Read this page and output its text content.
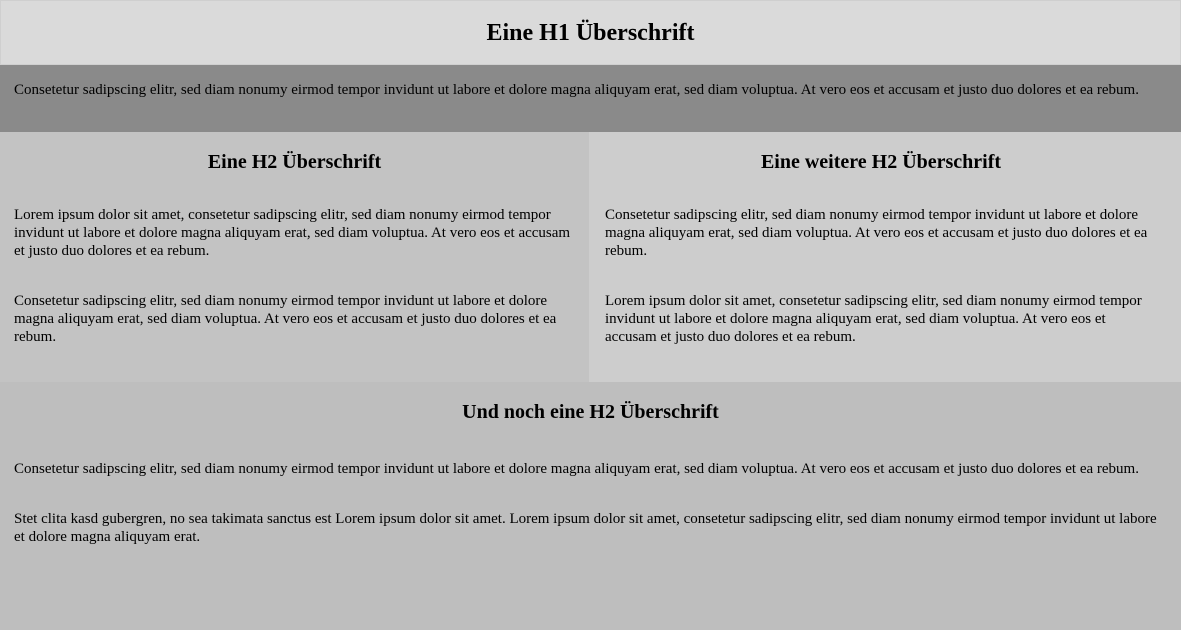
Eine H1 Überschrift

Consetetur sadipscing elitr, sed diam nonumy eirmod tempor invidunt ut labore et dolore magna aliquyam erat, sed diam voluptua. At vero eos et accusam et justo duo dolores et ea rebum.

Eine H2 Überschrift

Lorem ipsum dolor sit amet, consetetur sadipscing elitr, sed diam nonumy eirmod tempor invidunt ut labore et dolore magna aliquyam erat, sed diam voluptua. At vero eos et accusam et justo duo dolores et ea rebum.

Consetetur sadipscing elitr, sed diam nonumy eirmod tempor invidunt ut labore et dolore magna aliquyam erat, sed diam voluptua. At vero eos et accusam et justo duo dolores et ea rebum.

Eine weitere H2 Überschrift

Consetetur sadipscing elitr, sed diam nonumy eirmod tempor invidunt ut labore et dolore magna aliquyam erat, sed diam voluptua. At vero eos et accusam et justo duo dolores et ea rebum.

Lorem ipsum dolor sit amet, consetetur sadipscing elitr, sed diam nonumy eirmod tempor invidunt ut labore et dolore magna aliquyam erat, sed diam voluptua. At vero eos et accusam et justo duo dolores et ea rebum.

Und noch eine H2 Überschrift

Consetetur sadipscing elitr, sed diam nonumy eirmod tempor invidunt ut labore et dolore magna aliquyam erat, sed diam voluptua. At vero eos et accusam et justo duo dolores et ea rebum.

Stet clita kasd gubergren, no sea takimata sanctus est Lorem ipsum dolor sit amet. Lorem ipsum dolor sit amet, consetetur sadipscing elitr, sed diam nonumy eirmod tempor invidunt ut labore et dolore magna aliquyam erat.
